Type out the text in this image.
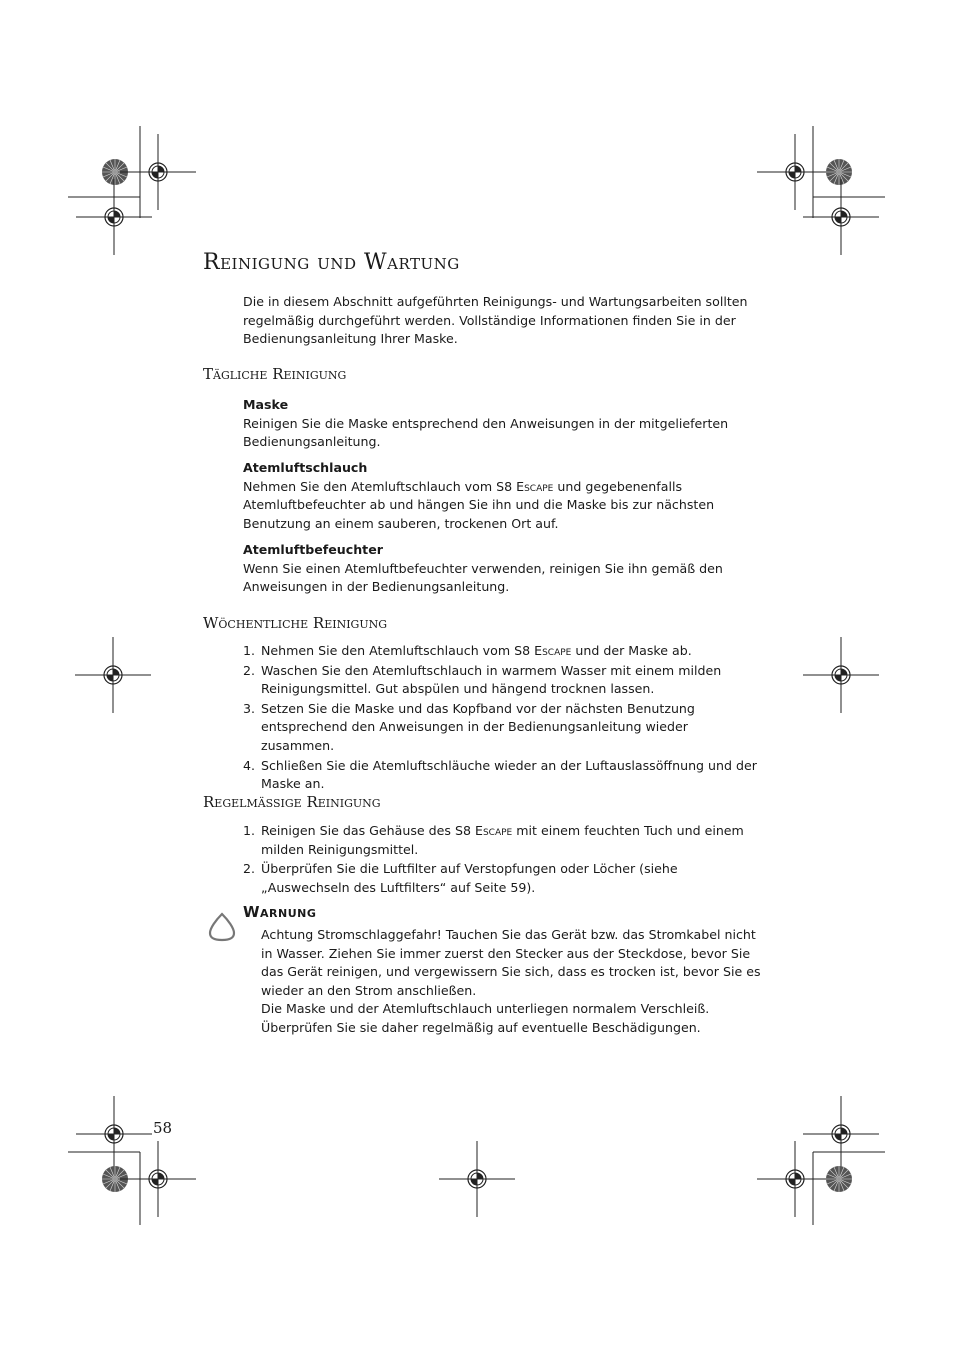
Reinigung und Wartung

Die in diesem Abschnitt aufgeführten Reinigungs- und Wartungsarbeiten sollten regelmäßig durchgeführt werden. Vollständige Informationen finden Sie in der Bedienungsanleitung Ihrer Maske.

Tägliche Reinigung
Maske
Reinigen Sie die Maske entsprechend den Anweisungen in der mitgelieferten Bedienungsanleitung.
Atemluftschlauch
Nehmen Sie den Atemluftschlauch vom S8 Escape und gegebenenfalls Atemluftbefeuchter ab und hängen Sie ihn und die Maske bis zur nächsten Benutzung an einem sauberen, trockenen Ort auf.
Atemluftbefeuchter
Wenn Sie einen Atemluftbefeuchter verwenden, reinigen Sie ihn gemäß den Anweisungen in der Bedienungsanleitung.
Wöchentliche Reinigung
1. Nehmen Sie den Atemluftschlauch vom S8 Escape und der Maske ab.
2. Waschen Sie den Atemluftschlauch in warmem Wasser mit einem milden Reinigungsmittel. Gut abspülen und hängend trocknen lassen.
3. Setzen Sie die Maske und das Kopfband vor der nächsten Benutzung entsprechend den Anweisungen in der Bedienungsanleitung wieder zusammen.
4. Schließen Sie die Atemluftschläuche wieder an der Luftauslassöffnung und der Maske an.
Regelmässige Reinigung
1. Reinigen Sie das Gehäuse des S8 Escape mit einem feuchten Tuch und einem milden Reinigungsmittel.
2. Überprüfen Sie die Luftfilter auf Verstopfungen oder Löcher (siehe „Auswechseln des Luftfilters“ auf Seite 59).

Warnung

Achtung Stromschlaggefahr! Tauchen Sie das Gerät bzw. das Stromkabel nicht in Wasser. Ziehen Sie immer zuerst den Stecker aus der Steckdose, bevor Sie das Gerät reinigen, und vergewissern Sie sich, dass es trocken ist, bevor Sie es wieder an den Strom anschließen.

Die Maske und der Atemluftschlauch unterliegen normalem Verschleiß. Überprüfen Sie sie daher regelmäßig auf eventuelle Beschädigungen.

58
